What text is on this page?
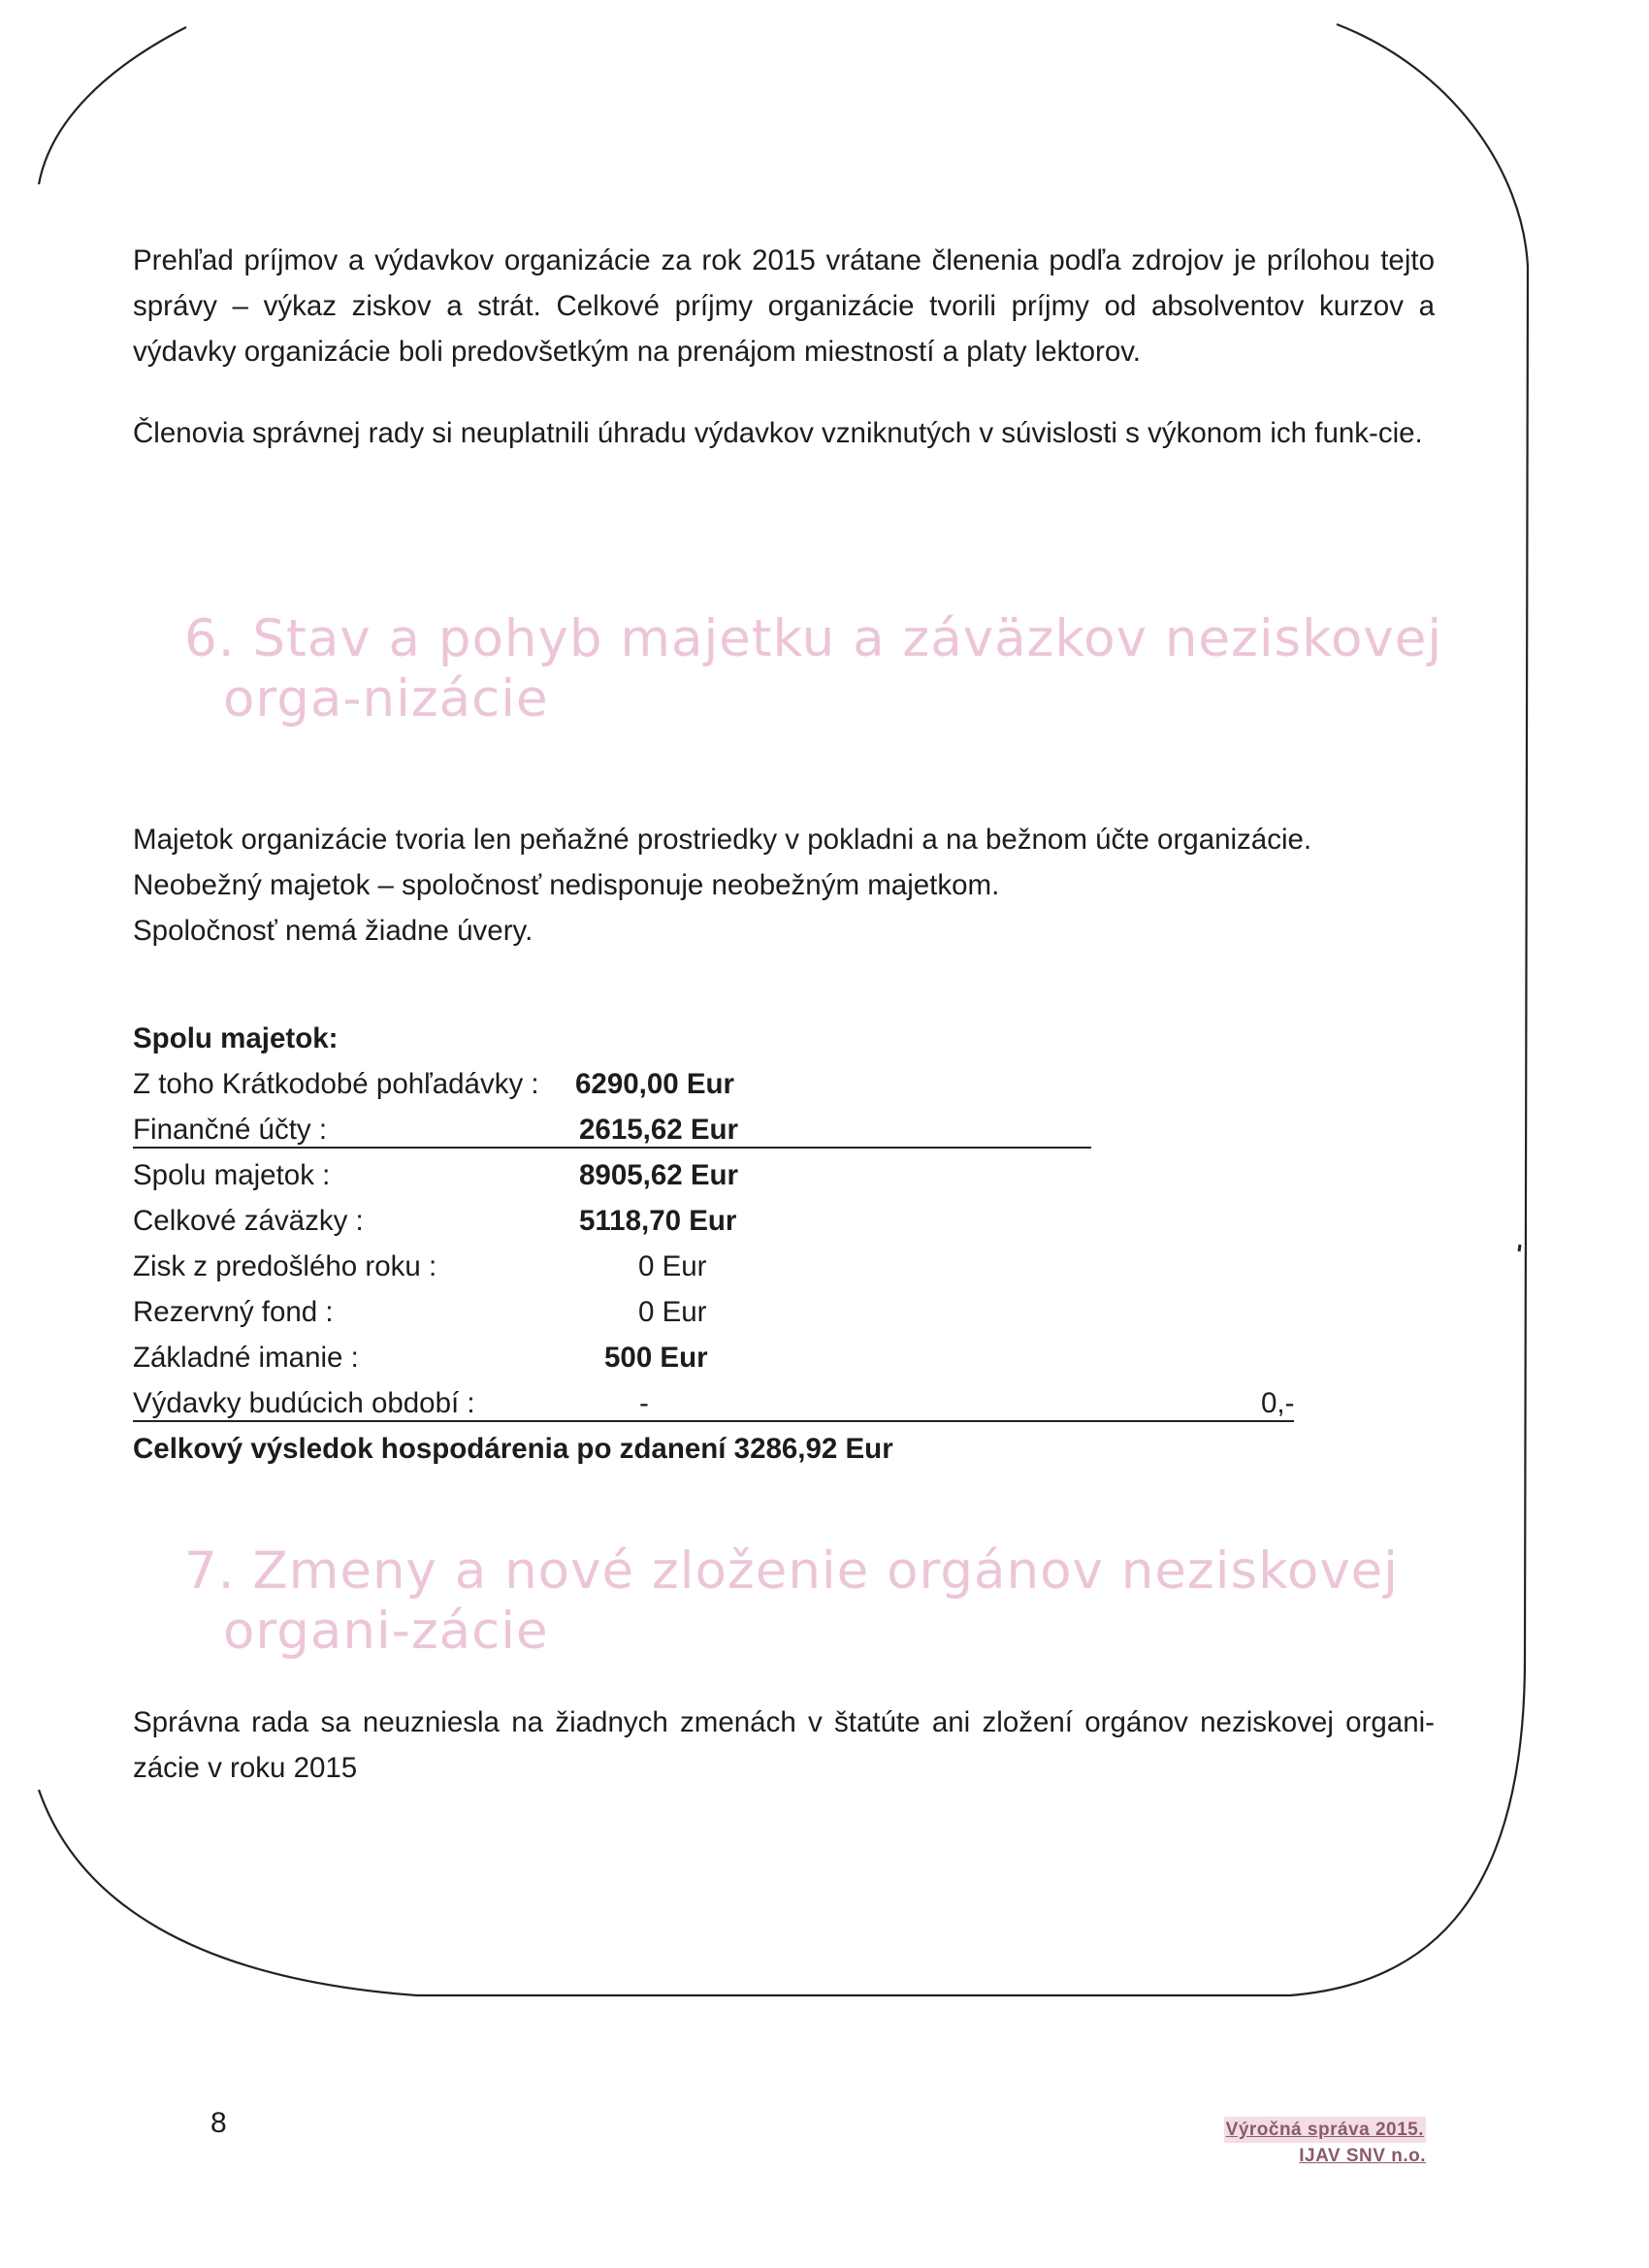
Prehľad príjmov a výdavkov organizácie za rok 2015 vrátane členenia podľa zdrojov je prílohou tejto správy – výkaz ziskov a strát. Celkové príjmy organizácie tvorili príjmy od absolventov kurzov a výdavky organizácie boli predovšetkým na prenájom miestností a platy lektorov.

Členovia správnej rady si neuplatnili úhradu výdavkov vzniknutých v súvislosti s výkonom ich funk-cie.

6. Stav a pohyb majetku a záväzkov neziskovej orga-nizácie
Majetok organizácie tvoria len peňažné prostriedky v pokladni a na bežnom účte organizácie.
Neobežný majetok – spoločnosť nedisponuje neobežným majetkom.
Spoločnosť nemá žiadne úvery.
Spolu majetok:
Z toho Krátkodobé pohľadávky : 6290,00 Eur
Finančné účty :	2615,62 Eur
Spolu majetok :	8905,62 Eur
Celkové záväzky :	5118,70 Eur
Zisk z predošlého roku :	0 Eur
Rezervný fond :	0 Eur
Základné imanie :	500 Eur
Výdavky budúcich období :	-	0,-
Celkový výsledok hospodárenia po zdanení 3286,92 Eur
7. Zmeny a nové zloženie orgánov neziskovej organi-zácie

Správna rada sa neuzniesla na žiadnych zmenách v štatúte ani zložení orgánov neziskovej organi-zácie v roku 2015

8	Výročná správa 2015.
IJAV SNV n.o.
